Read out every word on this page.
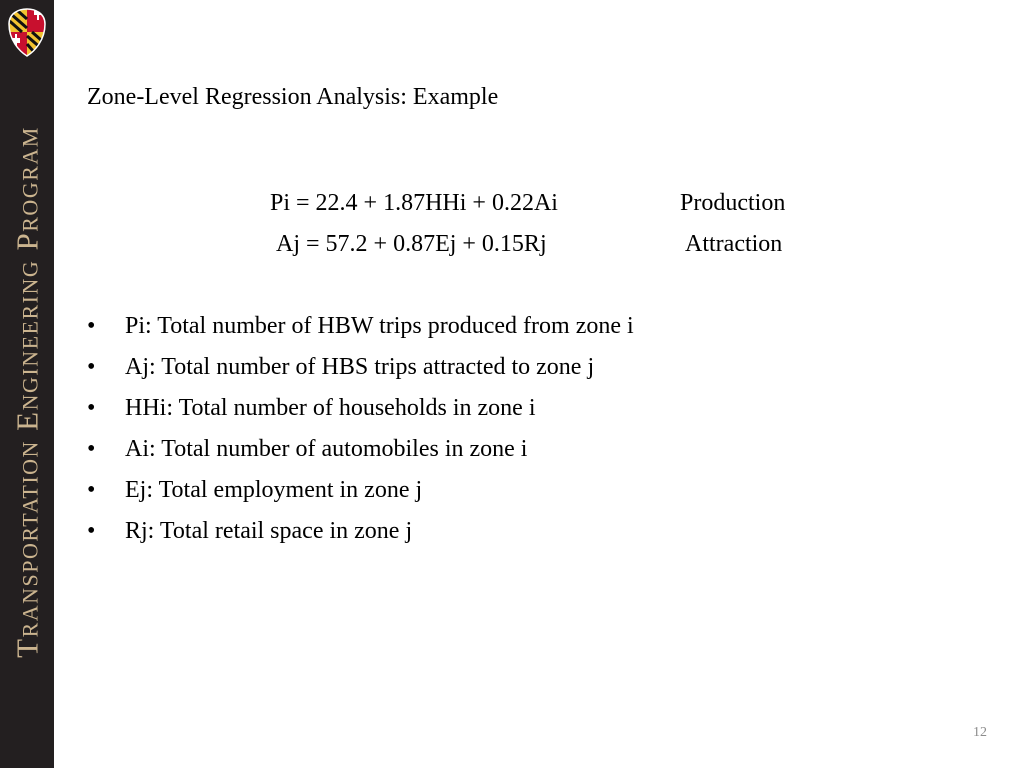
Transportation Engineering Program
Zone-Level Regression Analysis: Example
Pi = 22.4 + 1.87HHi + 0.22Ai	Production
Aj = 57.2 + 0.87Ej + 0.15Rj	Attraction
•	Pi: Total number of HBW trips produced from zone i
•	Aj: Total number of HBS trips attracted to zone j
•	HHi: Total number of households in zone i
•	Ai: Total number of automobiles in zone i
•	Ej: Total employment in zone j
•	Rj: Total retail space in zone j
12
